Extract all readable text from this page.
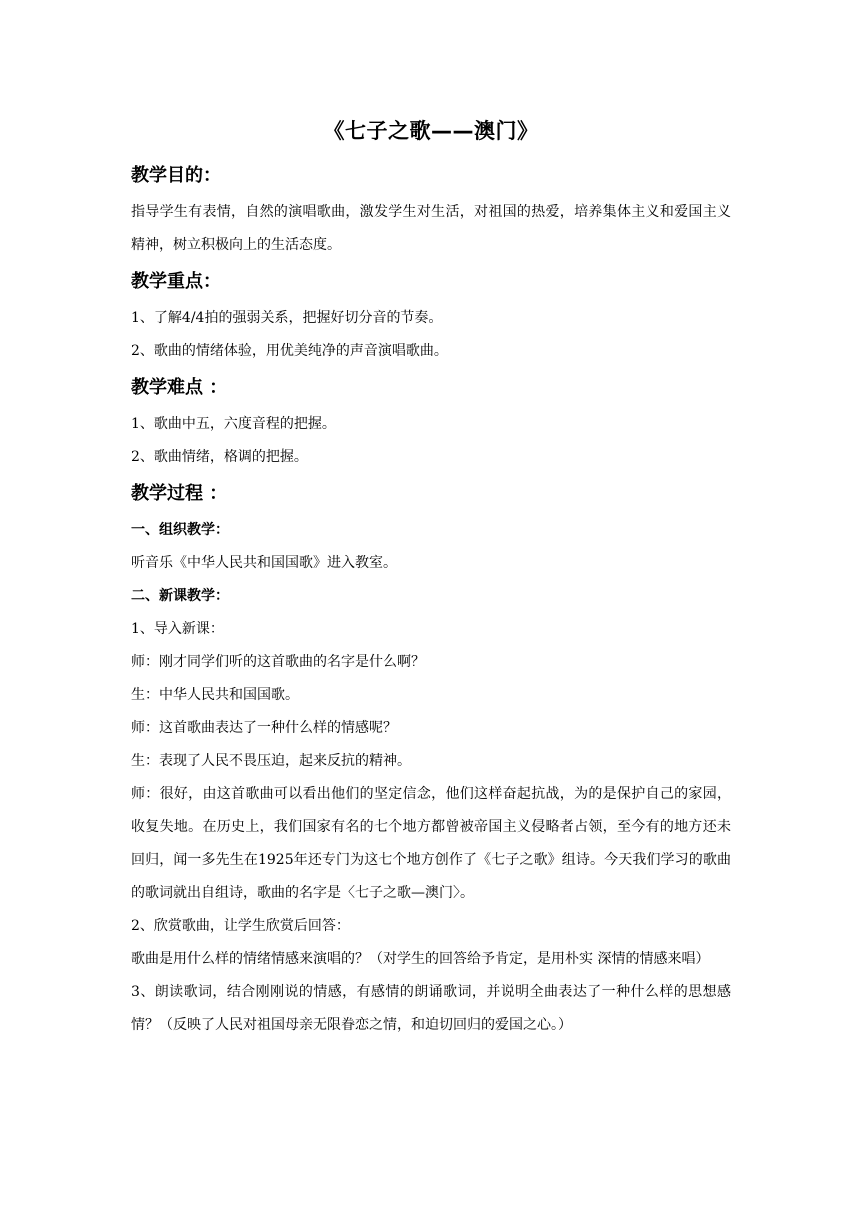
《七子之歌——澳门》
教学目的：
指导学生有表情，自然的演唱歌曲，激发学生对生活，对祖国的热爱，培养集体主义和爱国主义精神，树立积极向上的生活态度。
教学重点：
1、了解4/4拍的强弱关系，把握好切分音的节奏。
2、歌曲的情绪体验，用优美纯净的声音演唱歌曲。
教学难点 ：
1、歌曲中五，六度音程的把握。
2、歌曲情绪，格调的把握。
教学过程 ：
一、组织教学：
听音乐《中华人民共和国国歌》进入教室。
二、新课教学：
1、导入新课：
师：刚才同学们听的这首歌曲的名字是什么啊？
生：中华人民共和国国歌。
师：这首歌曲表达了一种什么样的情感呢？
生：表现了人民不畏压迫，起来反抗的精神。
师：很好，由这首歌曲可以看出他们的坚定信念，他们这样奋起抗战，为的是保护自己的家园，收复失地。在历史上，我们国家有名的七个地方都曾被帝国主义侵略者占领，至今有的地方还未回归，闻一多先生在1925年还专门为这七个地方创作了《七子之歌》组诗。今天我们学习的歌曲的歌词就出自组诗，歌曲的名字是〈七子之歌—澳门〉。
2、欣赏歌曲，让学生欣赏后回答：
歌曲是用什么样的情绪情感来演唱的？（对学生的回答给予肯定，是用朴实 深情的情感来唱）
3、朗读歌词，结合刚刚说的情感，有感情的朗诵歌词，并说明全曲表达了一种什么样的思想感情？（反映了人民对祖国母亲无限眷恋之情，和迫切回归的爱国之心。）
